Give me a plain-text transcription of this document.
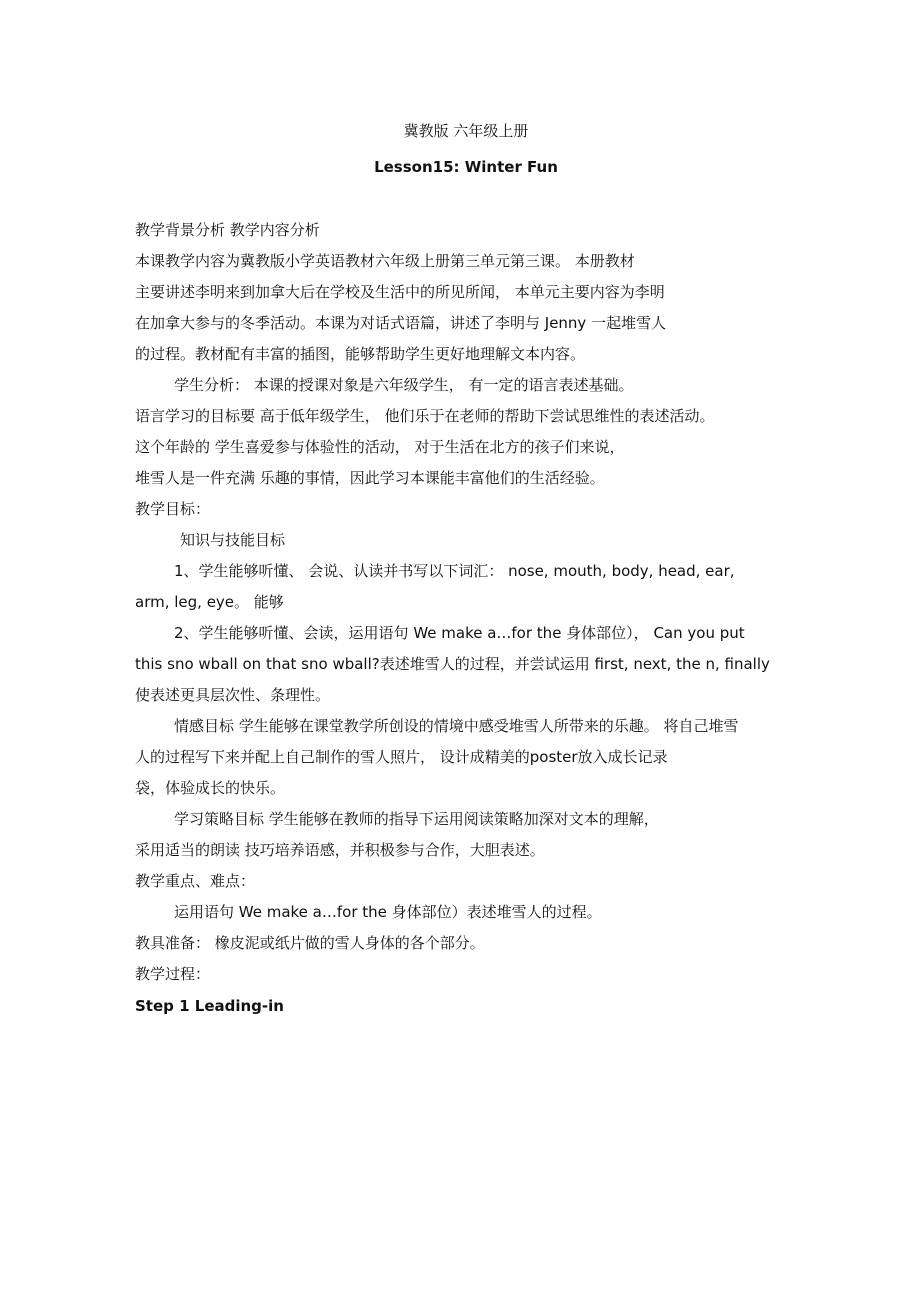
冀教版 六年级上册
Lesson15: Winter Fun
教学背景分析 教学内容分析
本课教学内容为冀教版小学英语教材六年级上册第三单元第三课。 本册教材
主要讲述李明来到加拿大后在学校及生活中的所见所闻， 本单元主要内容为李明
在加拿大参与的冬季活动。本课为对话式语篇，讲述了李明与 Jenny 一起堆雪人
的过程。教材配有丰富的插图，能够帮助学生更好地理解文本内容。
学生分析： 本课的授课对象是六年级学生， 有一定的语言表述基础。
语言学习的目标要 高于低年级学生， 他们乐于在老师的帮助下尝试思维性的表述活动。
这个年龄的 学生喜爱参与体验性的活动， 对于生活在北方的孩子们来说，
堆雪人是一件充满 乐趣的事情，因此学习本课能丰富他们的生活经验。
教学目标：
知识与技能目标
1、学生能够听懂、 会说、认读并书写以下词汇： nose, mouth, body, head, ear,
arm, leg, eye。 能够
2、学生能够听懂、会读，运用语句 We make a…for the 身体部位）， Can you put
this sno wball on that sno wball?表述堆雪人的过程，并尝试运用 first, next, the n, finally
使表述更具层次性、条理性。
情感目标 学生能够在课堂教学所创设的情境中感受堆雪人所带来的乐趣。 将自己堆雪
人的过程写下来并配上自己制作的雪人照片， 设计成精美的poster放入成长记录
袋，体验成长的快乐。
学习策略目标 学生能够在教师的指导下运用阅读策略加深对文本的理解，
采用适当的朗读 技巧培养语感，并积极参与合作，大胆表述。
教学重点、难点：
运用语句 We make a…for the 身体部位）表述堆雪人的过程。
教具准备： 橡皮泥或纸片做的雪人身体的各个部分。
教学过程：
Step 1 Leading-in
